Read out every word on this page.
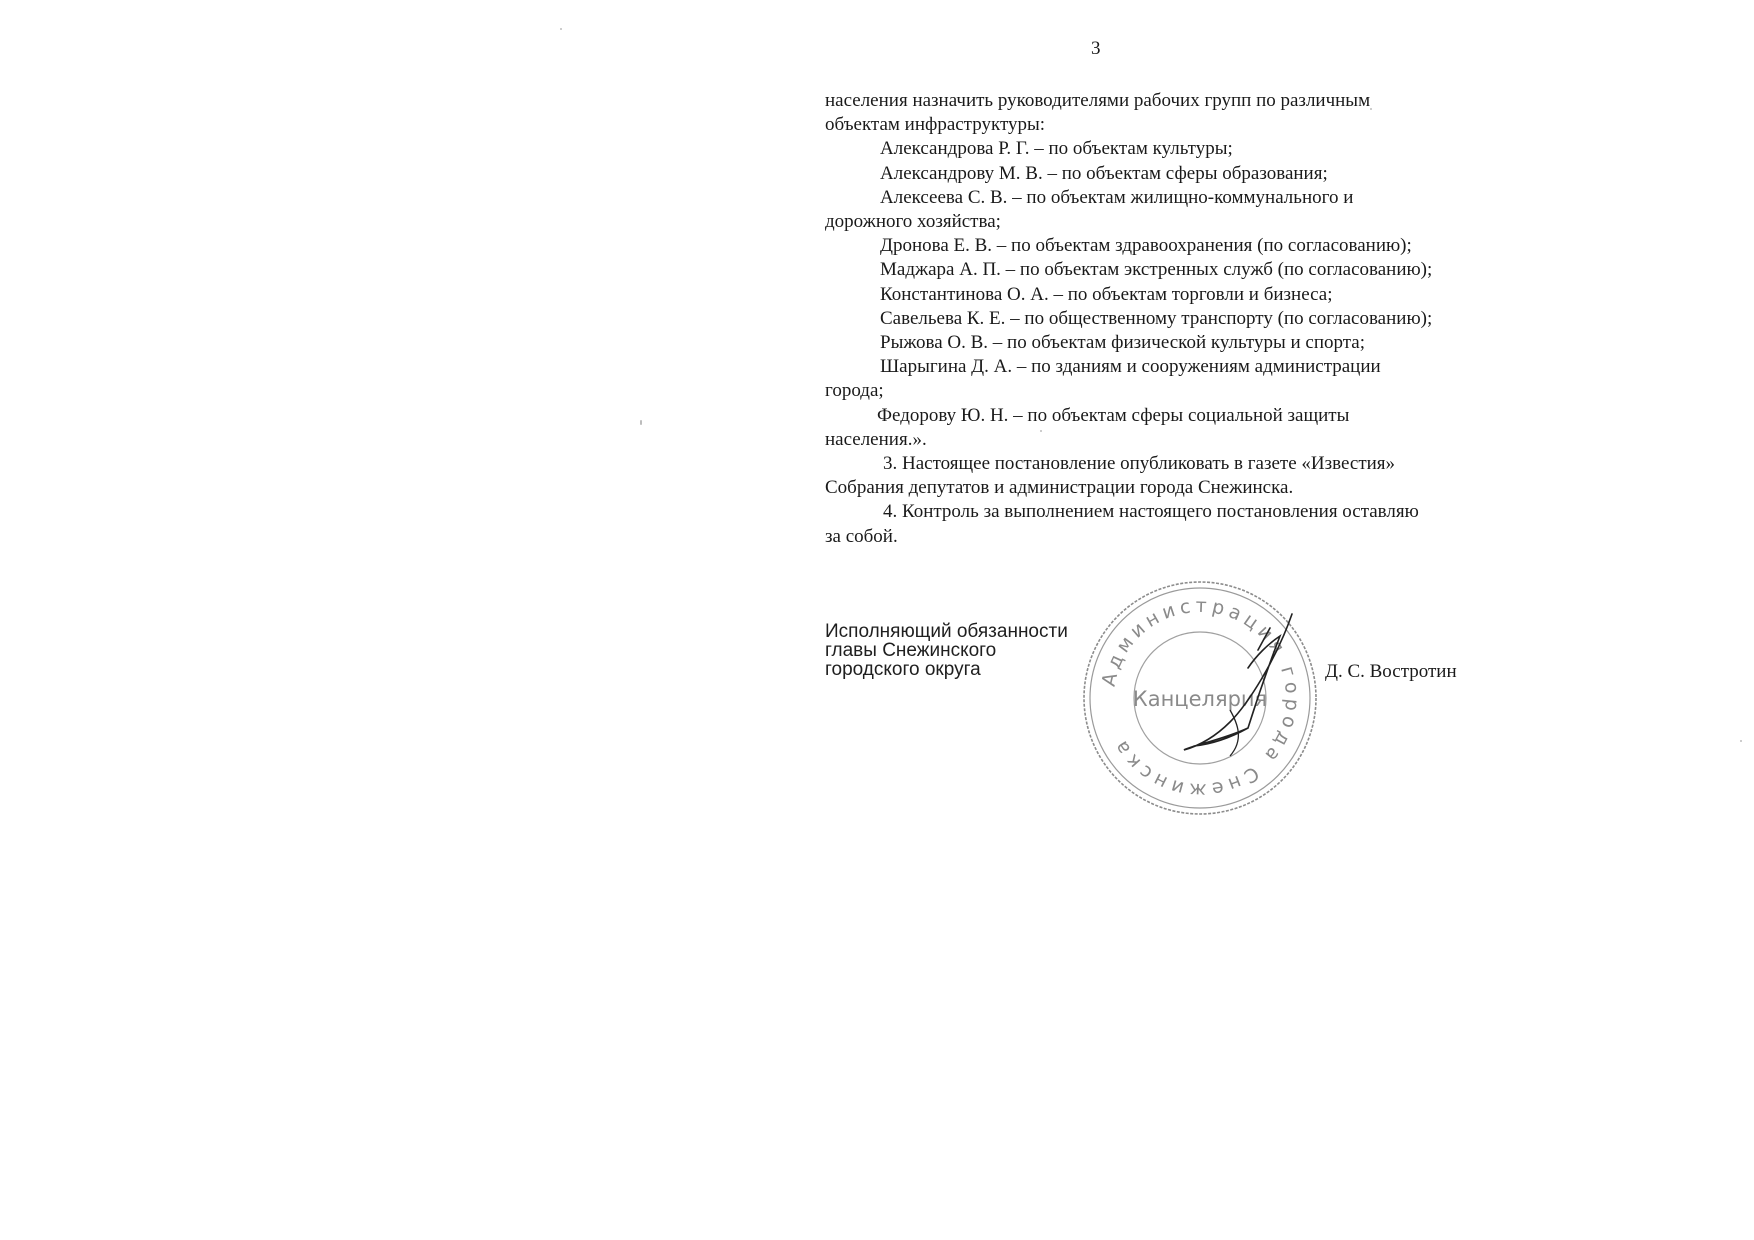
3
населения назначить руководителями рабочих групп по различным
объектам инфраструктуры:
Александрова Р. Г. – по объектам культуры;
Александрову М. В. – по объектам сферы образования;
Алексеева С. В. – по объектам жилищно-коммунального и
дорожного хозяйства;
Дронова Е. В. – по объектам здравоохранения (по согласованию);
Маджара А. П. – по объектам экстренных служб (по согласованию);
Константинова О. А. – по объектам торговли и бизнеса;
Савельева К. Е. – по общественному транспорту (по согласованию);
Рыжова О. В. – по объектам физической культуры и спорта;
Шарыгина Д. А. – по зданиям и сооружениям администрации
города;
Федорову Ю. Н. – по объектам сферы социальной защиты
населения.».
3. Настоящее постановление опубликовать в газете «Известия»
Собрания депутатов и администрации города Снежинска.
4. Контроль за выполнением настоящего постановления оставляю
за собой.
Исполняющий обязанности
главы Снежинского
городского округа	Администрация города Снежинска
Канцелярия
Д. С. Востротин
